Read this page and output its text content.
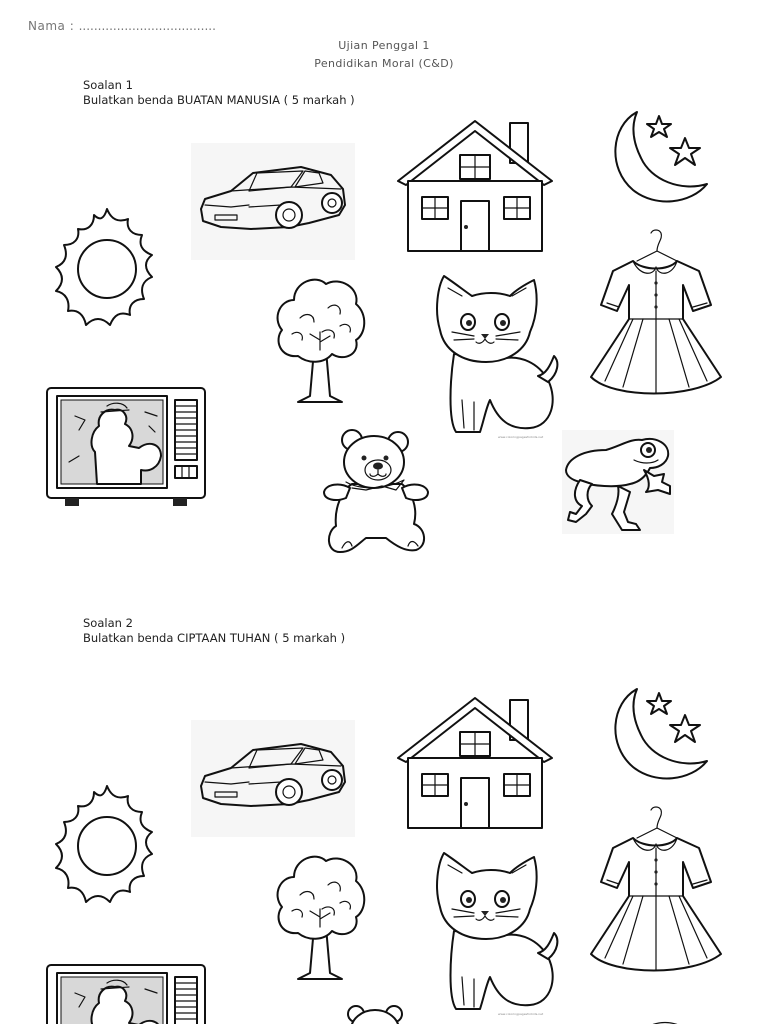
Nama : ....................................
Ujian Penggal 1
Pendidikan Moral (C&D)
Soalan 1
Bulatkan benda BUATAN MANUSIA ( 5 markah )
www.coloringpagesforkids.net
Soalan 2
Bulatkan benda CIPTAAN TUHAN ( 5 markah )
www.coloringpagesforkids.net
